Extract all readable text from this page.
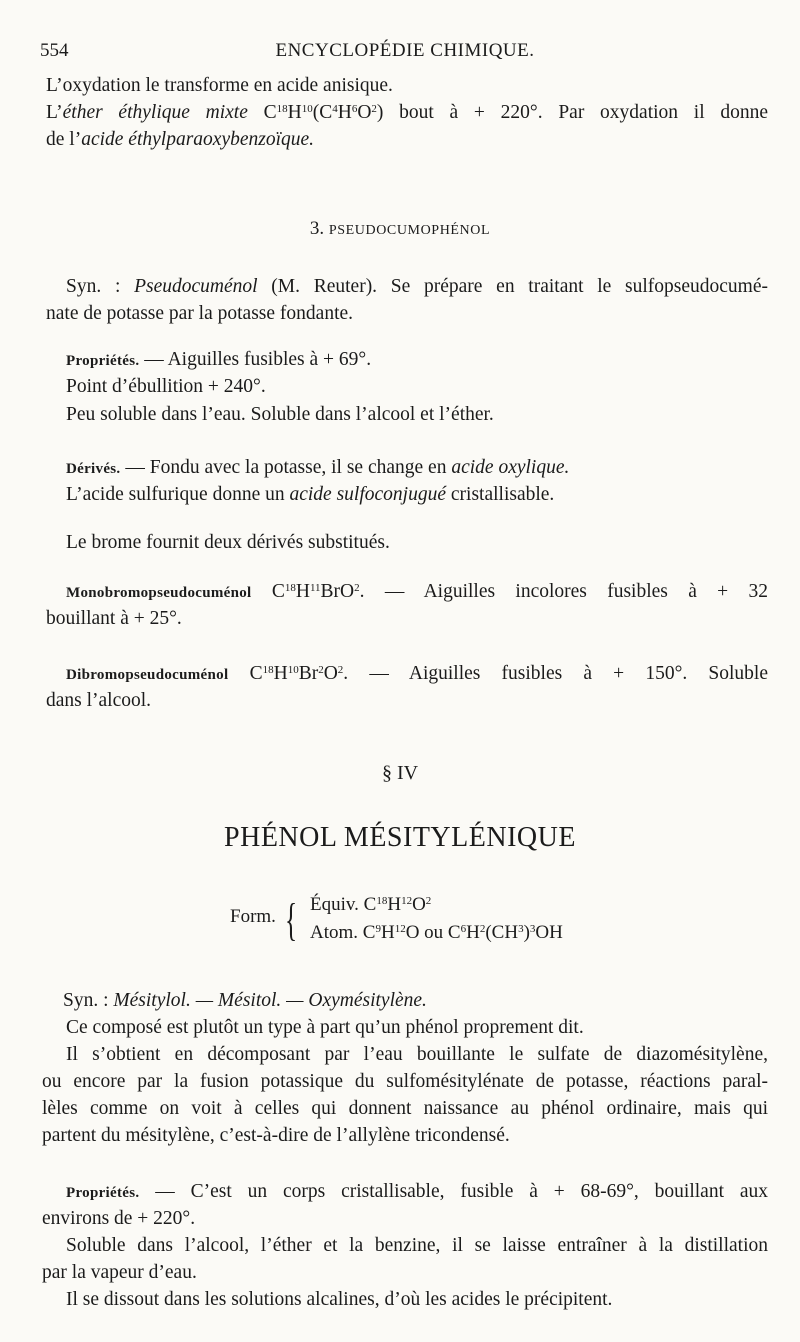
554	ENCYCLOPÉDIE CHIMIQUE.
L’oxydation le transforme en acide anisique.
L’éther éthylique mixte $C^{18}H^{10}(C^4H^6O^2)$ bout à + 220°. Par oxydation il donne
de l’acide éthylparaoxybenzoïque.
3. PSEUDOCUMOPHÉNOL
Syn. : Pseudocuménol (M. Reuter). Se prépare en traitant le sulfopseudocumé-
nate de potasse par la potasse fondante.
Propriétés. — Aiguilles fusibles à + 69°.
Point d’ébullition + 240°.
Peu soluble dans l’eau. Soluble dans l’alcool et l’éther.
Dérivés. — Fondu avec la potasse, il se change en acide oxylique.
L’acide sulfurique donne un acide sulfoconjugué cristallisable.
Le brome fournit deux dérivés substitués.
Monobromopseudocuménol $C^{18}H^{11}BrO^2$. — Aiguilles incolores fusibles à + 32
bouillant à + 25°.
Dibromopseudocuménol $C^{18}H^{10}Br^2O^2$. — Aiguilles fusibles à + 150°. Soluble
dans l’alcool.
§ IV
PHÉNOL MÉSITYLÉNIQUE
Form. { Équiv. $C^{18}H^{12}O^2$
Atom. $C^9H^{12}O$ ou $C^6H^2(CH^3)^3OH$
Syn. : Mésitylol. — Mésitol. — Oxymésitylène.
Ce composé est plutôt un type à part qu’un phénol proprement dit.
Il s’obtient en décomposant par l’eau bouillante le sulfate de diazomésitylène,
ou encore par la fusion potassique du sulfomésitylénate de potasse, réactions paral-
lèles comme on voit à celles qui donnent naissance au phénol ordinaire, mais qui
partent du mésitylène, c’est-à-dire de l’allylène tricondensé.
Propriétés. — C’est un corps cristallisable, fusible à + 68-69°, bouillant aux
environs de + 220°.
Soluble dans l’alcool, l’éther et la benzine, il se laisse entraîner à la distillation
par la vapeur d’eau.
Il se dissout dans les solutions alcalines, d’où les acides le précipitent.
